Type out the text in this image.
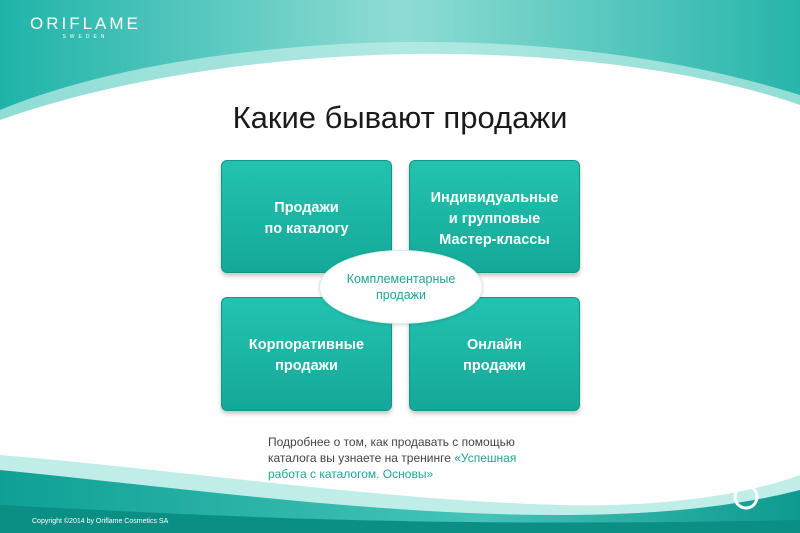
ORIFLAME
SWEDEN
Какие бывают продажи
Продажи
по каталогу
Индивидуальные
и групповые
Мастер-классы
Корпоративные
продажи
Онлайн
продажи
Комплементарные
продажи
Подробнее о том, как продавать с помощью каталога вы узнаете на тренинге «Успешная работа с каталогом. Основы»
Copyright ©2014 by Oriflame Cosmetics SA
